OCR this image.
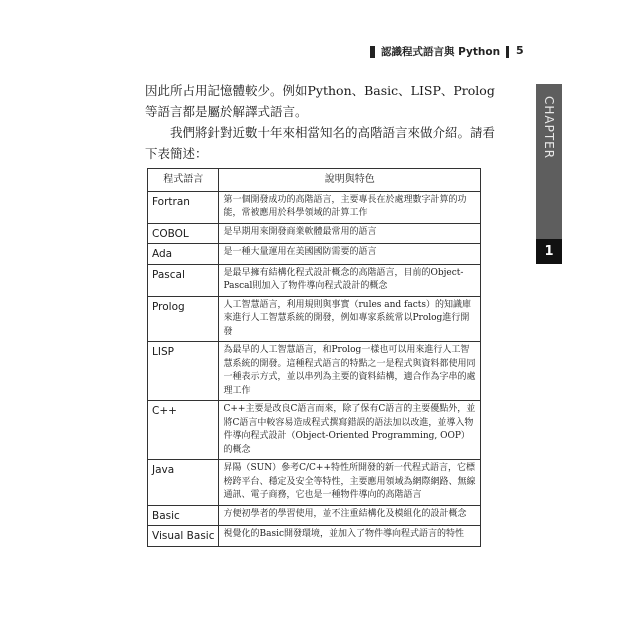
認識程式語言與 Python 5
CHAPTER
1

因此所占用記憶體較少。例如Python、Basic、LISP、Prolog等語言都是屬於解譯式語言。

我們將針對近數十年來相當知名的高階語言來做介紹。請看下表簡述：

程式語言	說明與特色
Fortran	第一個開發成功的高階語言，主要專長在於處理數字計算的功能，常被應用於科學領域的計算工作
COBOL	是早期用來開發商業軟體最常用的語言
Ada	是一種大量運用在美國國防需要的語言
Pascal	是最早擁有結構化程式設計概念的高階語言，目前的Object-Pascal則加入了物件導向程式設計的概念
Prolog	人工智慧語言，利用規則與事實（rules and facts）的知識庫來進行人工智慧系統的開發，例如專家系統常以Prolog進行開發
LISP	為最早的人工智慧語言，和Prolog一樣也可以用來進行人工智慧系統的開發。這種程式語言的特點之一是程式與資料都使用同一種表示方式，並以串列為主要的資料結構，適合作為字串的處理工作
C++	C++主要是改良C語言而來，除了保有C語言的主要優點外，並將C語言中較容易造成程式撰寫錯誤的語法加以改進，並導入物件導向程式設計（Object-Oriented Programming, OOP）的概念
Java	昇陽（SUN）參考C/C++特性所開發的新一代程式語言，它標榜跨平台、穩定及安全等特性，主要應用領域為網際網路、無線通訊、電子商務，它也是一種物件導向的高階語言
Basic	方便初學者的學習使用，並不注重結構化及模組化的設計概念
Visual Basic	視覺化的Basic開發環境，並加入了物件導向程式語言的特性
